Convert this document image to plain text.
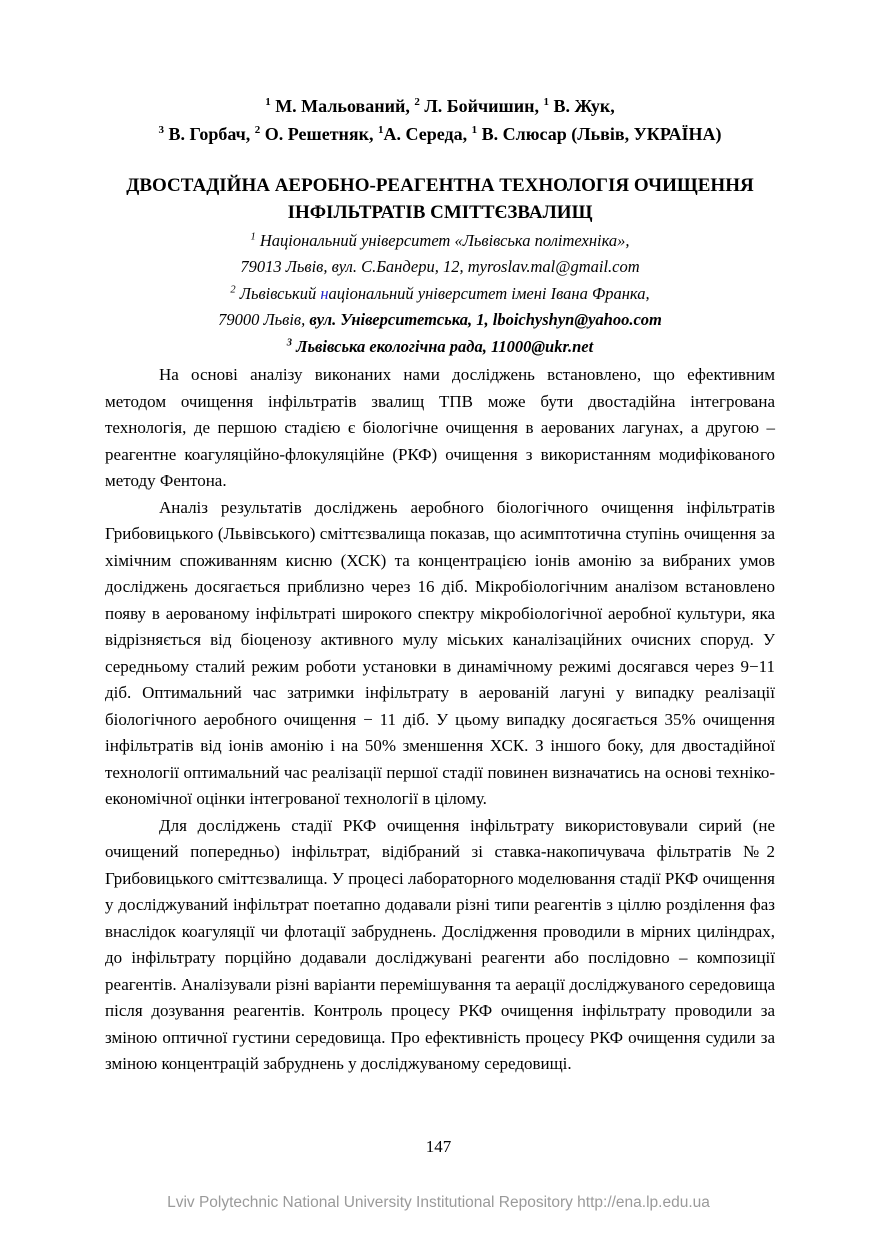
$^1$ М. Мальований, $^2$ Л. Бойчишин, $^1$ В. Жук,
$^3$ В. Горбач, $^2$ О. Решетняк, $^1$А. Середа, $^1$ В. Слюсар (Львів, УКРАЇНА)
ДВОСТАДІЙНА АЕРОБНО-РЕАГЕНТНА ТЕХНОЛОГІЯ ОЧИЩЕННЯ
ІНФІЛЬТРАТІВ СМІТТЄЗВАЛИЩ
$^1$ Національний університет «Львівська політехніка»,
79013 Львів, вул. С.Бандери, 12, myroslav.mal@gmail.com
$^2$ Львівський національний університет імені Івана Франка,
79000 Львів, вул. Університетська, 1, lboichyshyn@yahoo.com
$^3$ Львівська екологічна рада, 11000@ukr.net

На основі аналізу виконаних нами досліджень встановлено, що ефективним методом очищення інфільтратів звалищ ТПВ може бути двостадійна інтегрована технологія, де першою стадією є біологічне очищення в аерованих лагунах, а другою – реагентне коагуляційно-флокуляційне (РКФ) очищення з використанням модифікованого методу Фентона.

Аналіз результатів досліджень аеробного біологічного очищення інфільтратів Грибовицького (Львівського) сміттєзвалища показав, що асимптотична ступінь очищення за хімічним споживанням кисню (ХСК) та концентрацією іонів амонію за вибраних умов досліджень досягається приблизно через 16 діб. Мікробіологічним аналізом встановлено появу в аерованому інфільтраті широкого спектру мікробіологічної аеробної культури, яка відрізняється від біоценозу активного мулу міських каналізаційних очисних споруд. У середньому сталий режим роботи установки в динамічному режимі досягався через 9−11 діб. Оптимальний час затримки інфільтрату в аерованій лагуні у випадку реалізації біологічного аеробного очищення − 11 діб. У цьому випадку досягається 35% очищення інфільтратів від іонів амонію і на 50% зменшення ХСК. З іншого боку, для двостадійної технології оптимальний час реалізації першої стадії повинен визначатись на основі техніко-економічної оцінки інтегрованої технології в цілому.

Для досліджень стадії РКФ очищення інфільтрату використовували сирий (не очищений попередньо) інфільтрат, відібраний зі ставка-накопичувача фільтратів №2 Грибовицького сміттєзвалища. У процесі лабораторного моделювання стадії РКФ очищення у досліджуваний інфільтрат поетапно додавали різні типи реагентів з ціллю розділення фаз внаслідок коагуляції чи флотації забруднень. Дослідження проводили в мірних циліндрах, до інфільтрату порційно додавали досліджувані реагенти або послідовно – композиції реагентів. Аналізували різні варіанти перемішування та аерації досліджуваного середовища після дозування реагентів. Контроль процесу РКФ очищення інфільтрату проводили за зміною оптичної густини середовища. Про ефективність процесу РКФ очищення судили за зміною концентрацій забруднень у досліджуваному середовищі.

147
Lviv Polytechnic National University Institutional Repository http://ena.lp.edu.ua
